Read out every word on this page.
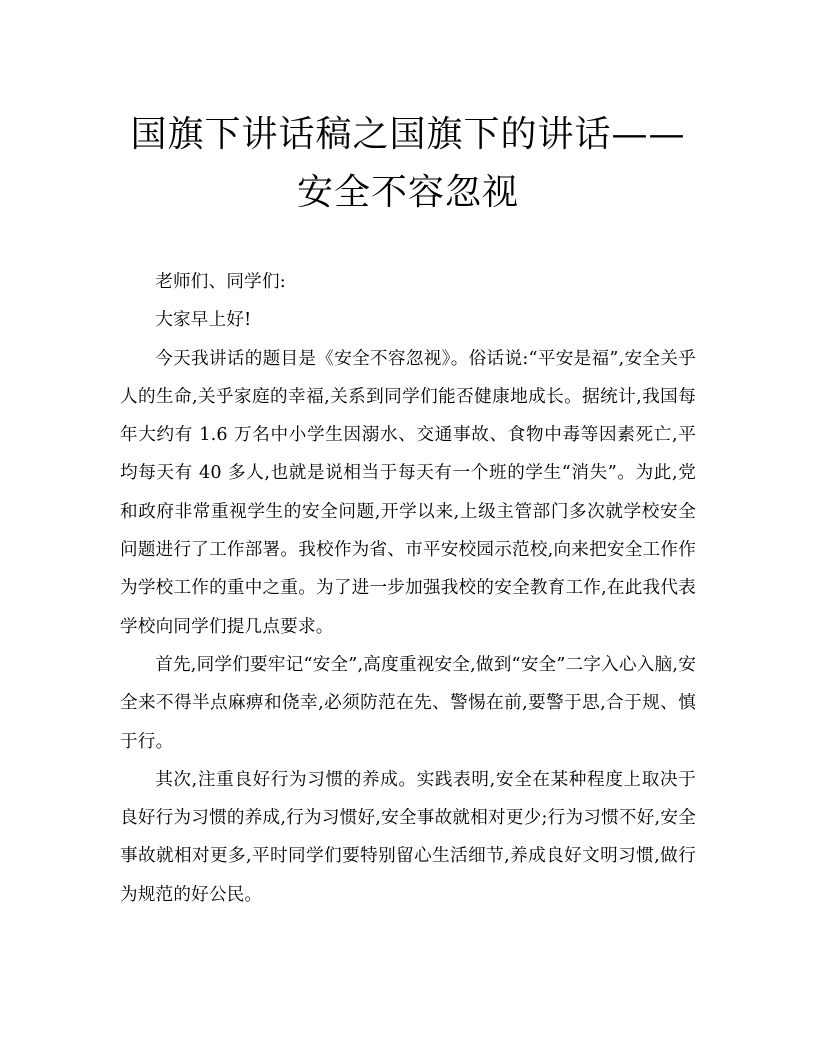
国旗下讲话稿之国旗下的讲话——安全不容忽视

老师们、同学们:

大家早上好!

今天我讲话的题目是《安全不容忽视》。俗话说:“平安是福”,安全关乎人的生命,关乎家庭的幸福,关系到同学们能否健康地成长。据统计,我国每年大约有 1.6 万名中小学生因溺水、交通事故、食物中毒等因素死亡,平均每天有 40 多人,也就是说相当于每天有一个班的学生“消失”。为此,党和政府非常重视学生的安全问题,开学以来,上级主管部门多次就学校安全问题进行了工作部署。我校作为省、市平安校园示范校,向来把安全工作作为学校工作的重中之重。为了进一步加强我校的安全教育工作,在此我代表学校向同学们提几点要求。

首先,同学们要牢记“安全”,高度重视安全,做到“安全”二字入心入脑,安全来不得半点麻痹和侥幸,必须防范在先、警惕在前,要警于思,合于规、慎于行。

其次,注重良好行为习惯的养成。实践表明,安全在某种程度上取决于良好行为习惯的养成,行为习惯好,安全事故就相对更少;行为习惯不好,安全事故就相对更多,平时同学们要特别留心生活细节,养成良好文明习惯,做行为规范的好公民。
